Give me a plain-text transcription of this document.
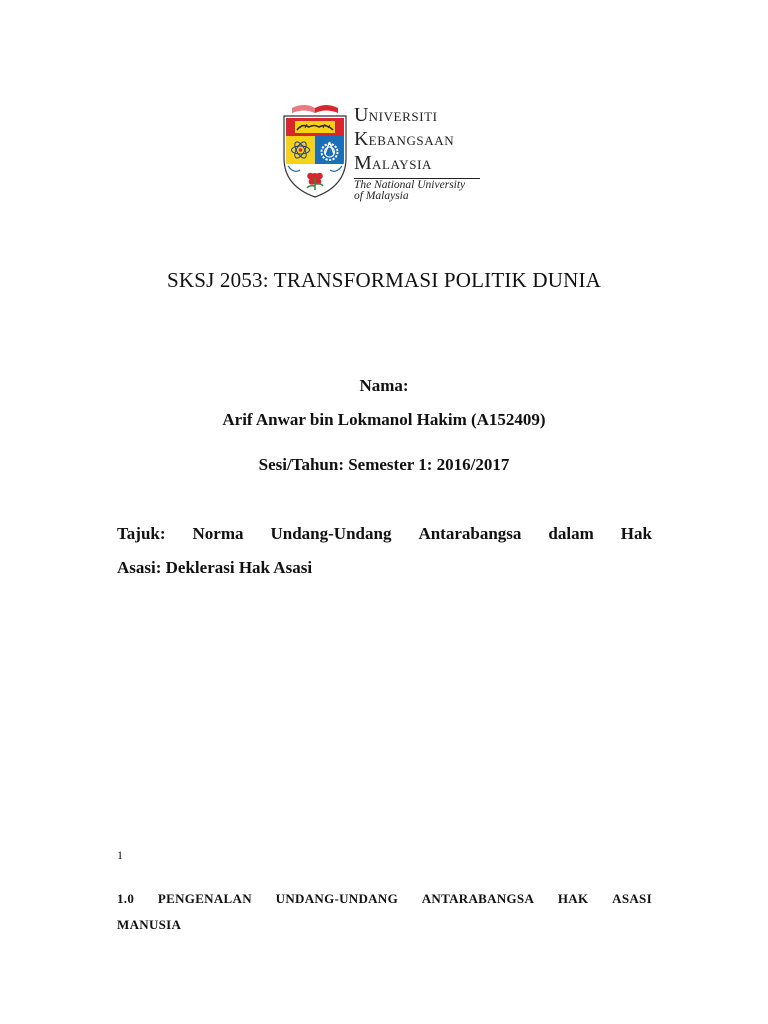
UNIVERSITI
KEBANGSAAN
MALAYSIA
The National University
of Malaysia
SKSJ 2053: TRANSFORMASI POLITIK DUNIA
Nama:
Arif Anwar bin Lokmanol Hakim (A152409)
Sesi/Tahun: Semester 1: 2016/2017
Tajuk: Norma Undang-Undang Antarabangsa dalam Hak
Asasi: Deklerasi Hak Asasi
1
1.0 PENGENALAN UNDANG-UNDANG ANTARABANGSA HAK ASASI
MANUSIA
